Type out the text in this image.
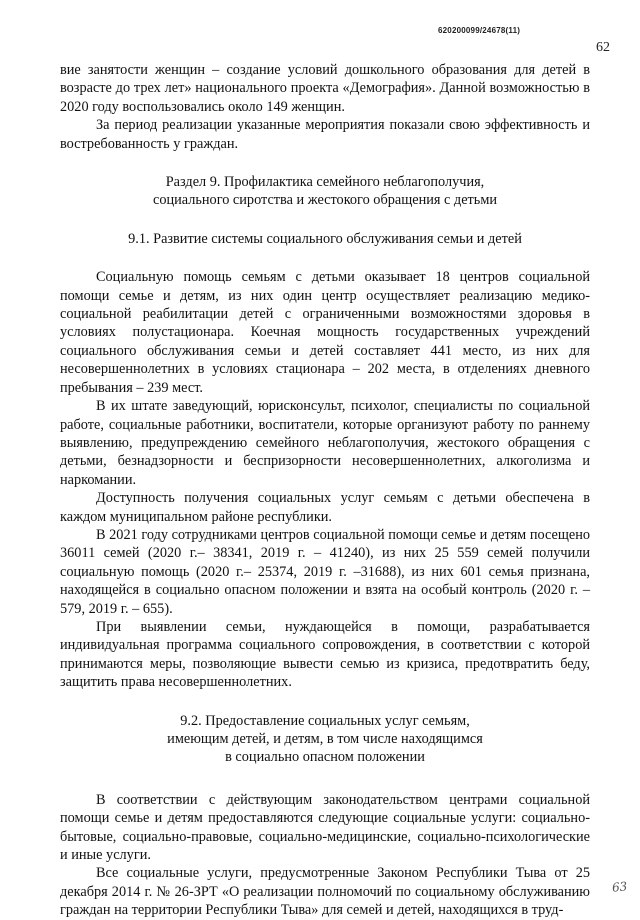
620200099/24678(11)
62

вие занятости женщин – создание условий дошкольного образования для детей в возрасте до трех лет» национального проекта «Демография». Данной возможностью в 2020 году воспользовались около 149 женщин.

За период реализации указанные мероприятия показали свою эффективность и востребованность у граждан.

Раздел 9. Профилактика семейного неблагополучия,
социального сиротства и жестокого обращения с детьми
9.1. Развитие системы социального обслуживания семьи и детей

Социальную помощь семьям с детьми оказывает 18 центров социальной помощи семье и детям, из них один центр осуществляет реализацию медико-социальной реабилитации детей с ограниченными возможностями здоровья в условиях полустационара. Коечная мощность государственных учреждений социального обслуживания семьи и детей составляет 441 место, из них для несовершеннолетних в условиях стационара – 202 места, в отделениях дневного пребывания – 239 мест.

В их штате заведующий, юрисконсульт, психолог, специалисты по социальной работе, социальные работники, воспитатели, которые организуют работу по раннему выявлению, предупреждению семейного неблагополучия, жестокого обращения с детьми, безнадзорности и беспризорности несовершеннолетних, алкоголизма и наркомании.

Доступность получения социальных услуг семьям с детьми обеспечена в каждом муниципальном районе республики.

В 2021 году сотрудниками центров социальной помощи семье и детям посещено 36011 семей (2020 г.– 38341, 2019 г. – 41240), из них 25 559 семей получили социальную помощь (2020 г.– 25374, 2019 г. –31688), из них 601 семья признана, находящейся в социально опасном положении и взята на особый контроль (2020 г. – 579, 2019 г. – 655).

При выявлении семьи, нуждающейся в помощи, разрабатывается индивидуальная программа социального сопровождения, в соответствии с которой принимаются меры, позволяющие вывести семью из кризиса, предотвратить беду, защитить права несовершеннолетних.

9.2. Предоставление социальных услуг семьям,
имеющим детей, и детям, в том числе находящимся
в социально опасном положении

В соответствии с действующим законодательством центрами социальной помощи семье и детям предоставляются следующие социальные услуги: социально-бытовые, социально-правовые, социально-медицинские, социально-психологические и иные услуги.

Все социальные услуги, предусмотренные Законом Республики Тыва от 25 декабря 2014 г. № 26-ЗРТ «О реализации полномочий по социальному обслуживанию граждан на территории Республики Тыва» для семей и детей, находящихся в труд-

63
